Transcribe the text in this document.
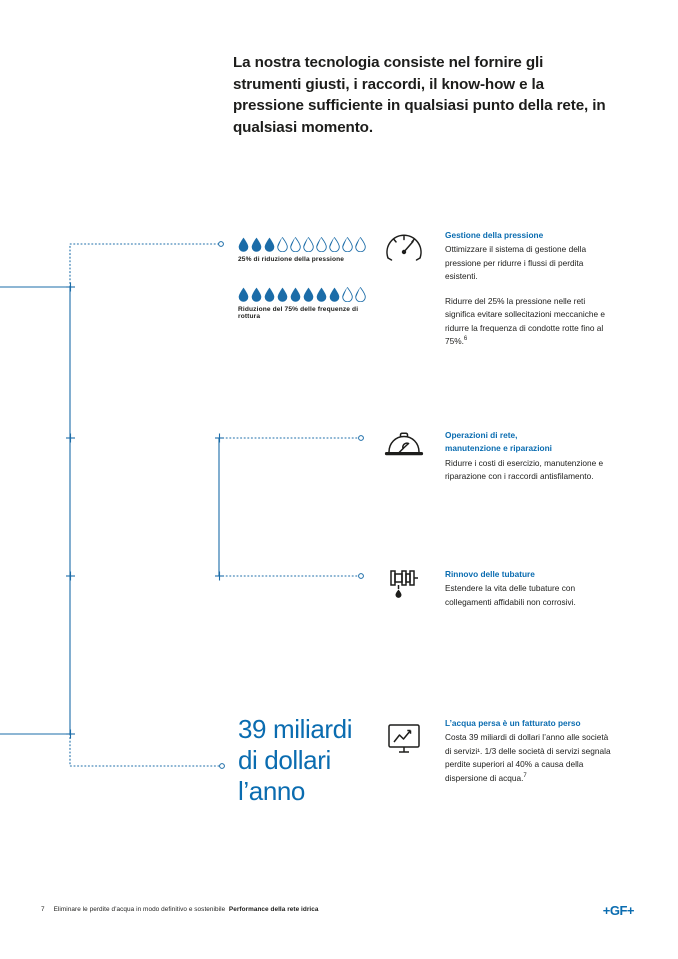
La nostra tecnologia consiste nel fornire gli strumenti giusti, i raccordi, il know-how e la pressione sufficiente in qualsiasi punto della rete, in qualsiasi momento.
25% di riduzione della pressione
Riduzione del 75% delle frequenze di rottura
Gestione della pressione

Ottimizzare il sistema di gestione della pressione per ridurre i flussi di perdita esistenti.

Ridurre del 25% la pressione nelle reti significa evitare sollecitazioni meccaniche e ridurre la frequenza di condotte rotte fino al 75%.$^6$

Operazioni di rete,
manutenzione e riparazioni

Ridurre i costi di esercizio, manutenzione e riparazione con i raccordi antisfilamento.

Rinnovo delle tubature

Estendere la vita delle tubature con collegamenti affidabili non corrosivi.

39 miliardi
di dollari
l’anno
L’acqua persa è un fatturato perso

Costa 39 miliardi di dollari l’anno alle società di servizi¹. 1/3 delle società di servizi segnala perdite superiori al 40% a causa della dispersione di acqua.$^7$

7 Eliminare le perdite d’acqua in modo definitivo e sostenibile Performance della rete idrica	+GF+
